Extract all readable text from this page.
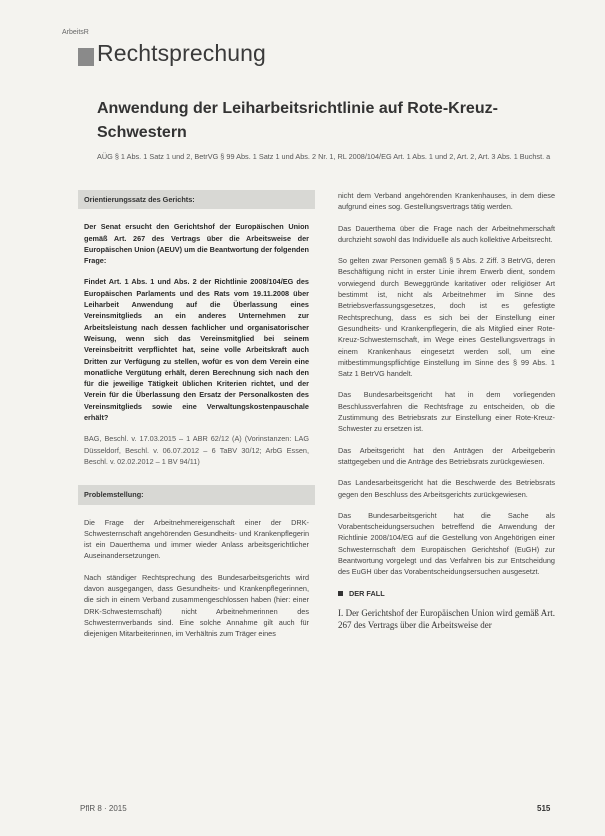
ArbeitsR
Rechtsprechung
Anwendung der Leiharbeitsrichtlinie auf Rote-Kreuz-Schwestern
AÜG § 1 Abs. 1 Satz 1 und 2, BetrVG § 99 Abs. 1 Satz 1 und Abs. 2 Nr. 1, RL 2008/104/EG Art. 1 Abs. 1 und 2, Art. 2, Art. 3 Abs. 1 Buchst. a
Orientierungssatz des Gerichts:

Der Senat ersucht den Gerichtshof der Europäischen Union gemäß Art. 267 des Vertrags über die Arbeitsweise der Europäischen Union (AEUV) um die Beantwortung der folgenden Frage:

Findet Art. 1 Abs. 1 und Abs. 2 der Richtlinie 2008/104/EG des Europäischen Parlaments und des Rats vom 19.11.2008 über Leiharbeit Anwendung auf die Überlassung eines Vereinsmitglieds an ein anderes Unternehmen zur Arbeitsleistung nach dessen fachlicher und organisatorischer Weisung, wenn sich das Vereinsmitglied bei seinem Vereinsbeitritt verpflichtet hat, seine volle Arbeitskraft auch Dritten zur Verfügung zu stellen, wofür es von dem Verein eine monatliche Vergütung erhält, deren Berechnung sich nach den für die jeweilige Tätigkeit üblichen Kriterien richtet, und der Verein für die Überlassung den Ersatz der Personalkosten des Vereinsmitglieds sowie eine Verwaltungskostenpauschale erhält?

BAG, Beschl. v. 17.03.2015 – 1 ABR 62/12 (A) (Vorinstanzen: LAG Düsseldorf, Beschl. v. 06.07.2012 – 6 TaBV 30/12; ArbG Essen, Beschl. v. 02.02.2012 – 1 BV 94/11)

Problemstellung:

Die Frage der Arbeitnehmereigenschaft einer der DRK-Schwesternschaft angehörenden Gesundheits- und Krankenpflegerin ist ein Dauerthema und immer wieder Anlass arbeitsgerichtlicher Auseinandersetzungen.

Nach ständiger Rechtsprechung des Bundesarbeitsgerichts wird davon ausgegangen, dass Gesundheits- und Krankenpflegerinnen, die sich in einem Verband zusammengeschlossen haben (hier: einer DRK-Schwesternschaft) nicht Arbeitnehmerinnen des Schwesternverbands sind. Eine solche Annahme gilt auch für diejenigen Mitarbeiterinnen, im Verhältnis zum Träger eines

nicht dem Verband angehörenden Krankenhauses, in dem diese aufgrund eines sog. Gestellungsvertrags tätig werden.

Das Dauerthema über die Frage nach der Arbeitnehmerschaft durchzieht sowohl das Individuelle als auch kollektive Arbeitsrecht.

So gelten zwar Personen gemäß § 5 Abs. 2 Ziff. 3 BetrVG, deren Beschäftigung nicht in erster Linie ihrem Erwerb dient, sondern vorwiegend durch Beweggründe karitativer oder religiöser Art bestimmt ist, nicht als Arbeitnehmer im Sinne des Betriebsverfassungsgesetzes, doch ist es gefestigte Rechtsprechung, dass es sich bei der Einstellung einer Gesundheits- und Krankenpflegerin, die als Mitglied einer Rote-Kreuz-Schwesternschaft, im Wege eines Gestellungsvertrags in einem Krankenhaus eingesetzt werden soll, um eine mitbestimmungspflichtige Einstellung im Sinne des § 99 Abs. 1 Satz 1 BetrVG handelt.

Das Bundesarbeitsgericht hat in dem vorliegenden Beschlussverfahren die Rechtsfrage zu entscheiden, ob die Zustimmung des Betriebsrats zur Einstellung einer Rote-Kreuz-Schwester zu ersetzen ist.

Das Arbeitsgericht hat den Anträgen der Arbeitgeberin stattgegeben und die Anträge des Betriebsrats zurückgewiesen.

Das Landesarbeitsgericht hat die Beschwerde des Betriebsrats gegen den Beschluss des Arbeitsgerichts zurückgewiesen.

Das Bundesarbeitsgericht hat die Sache als Vorabentscheidungsersuchen betreffend die Anwendung der Richtlinie 2008/104/EG auf die Gestellung von Angehörigen einer Schwesternschaft dem Europäischen Gerichtshof (EuGH) zur Beantwortung vorgelegt und das Verfahren bis zur Entscheidung des EuGH über das Vorabentscheidungsersuchen ausgesetzt.

DER FALL

I. Der Gerichtshof der Europäischen Union wird gemäß Art. 267 des Vertrags über die Arbeitsweise der

PflR 8 · 2015	515
